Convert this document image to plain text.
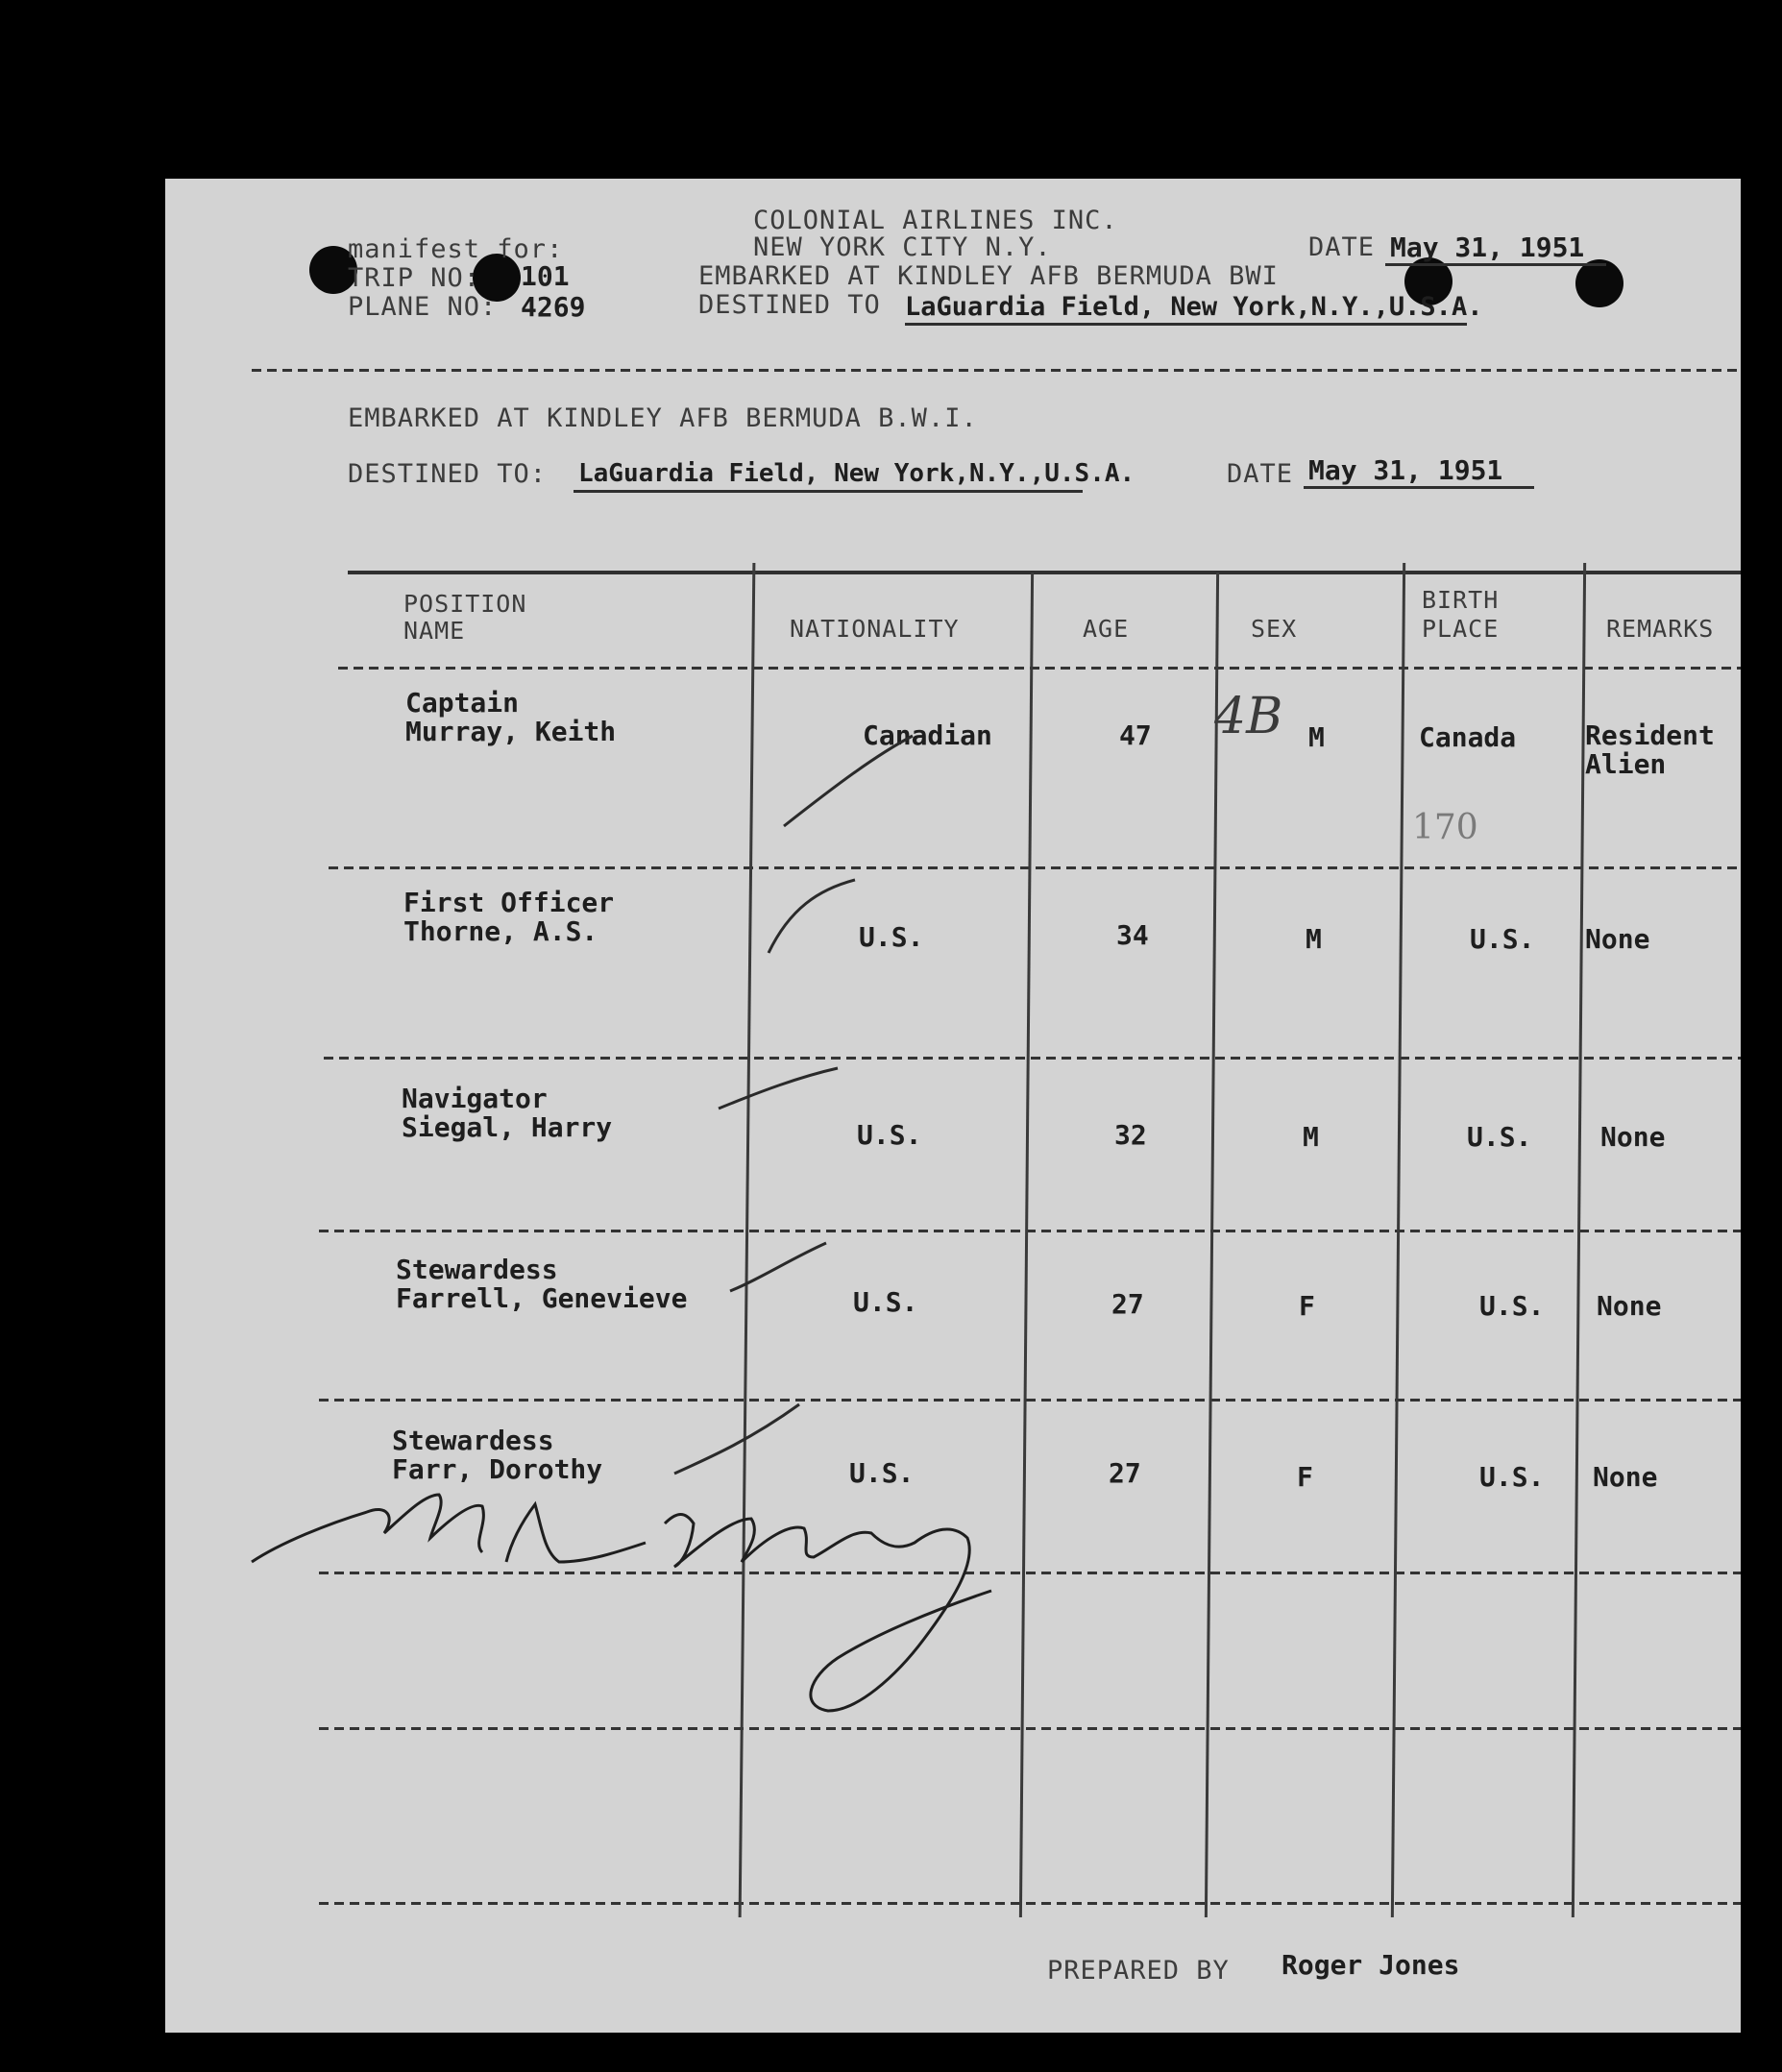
COLONIAL AIRLINES INC.
NEW YORK CITY N.Y.
manifest for:
TRIP NO: 101
PLANE NO: 4269
EMBARKED AT KINDLEY AFB BERMUDA BWI
DESTINED TO LaGuardia Field, New York,N.Y.,U.S.A.
DATE May 31, 1951
EMBARKED AT KINDLEY AFB BERMUDA B.W.I.
DESTINED TO: LaGuardia Field, New York,N.Y.,U.S.A.	DATE May 31, 1951
POSITION
NAME	NATIONALITY	AGE	SEX
BIRTH
PLACE	REMARKS
Captain
Murray, Keith	Canadian	47	M	Canada	Resident
Alien
4B
170
First Officer
Thorne, A.S.	U.S.	34	M	U.S. None
Navigator
Siegal, Harry	U.S.	32	M	U.S.	None
Stewardess
Farrell, Genevieve	U.S.	27	F	U.S. None
Stewardess
Farr, Dorothy	U.S.	27	F	U.S. None
PREPARED BY Roger Jones
